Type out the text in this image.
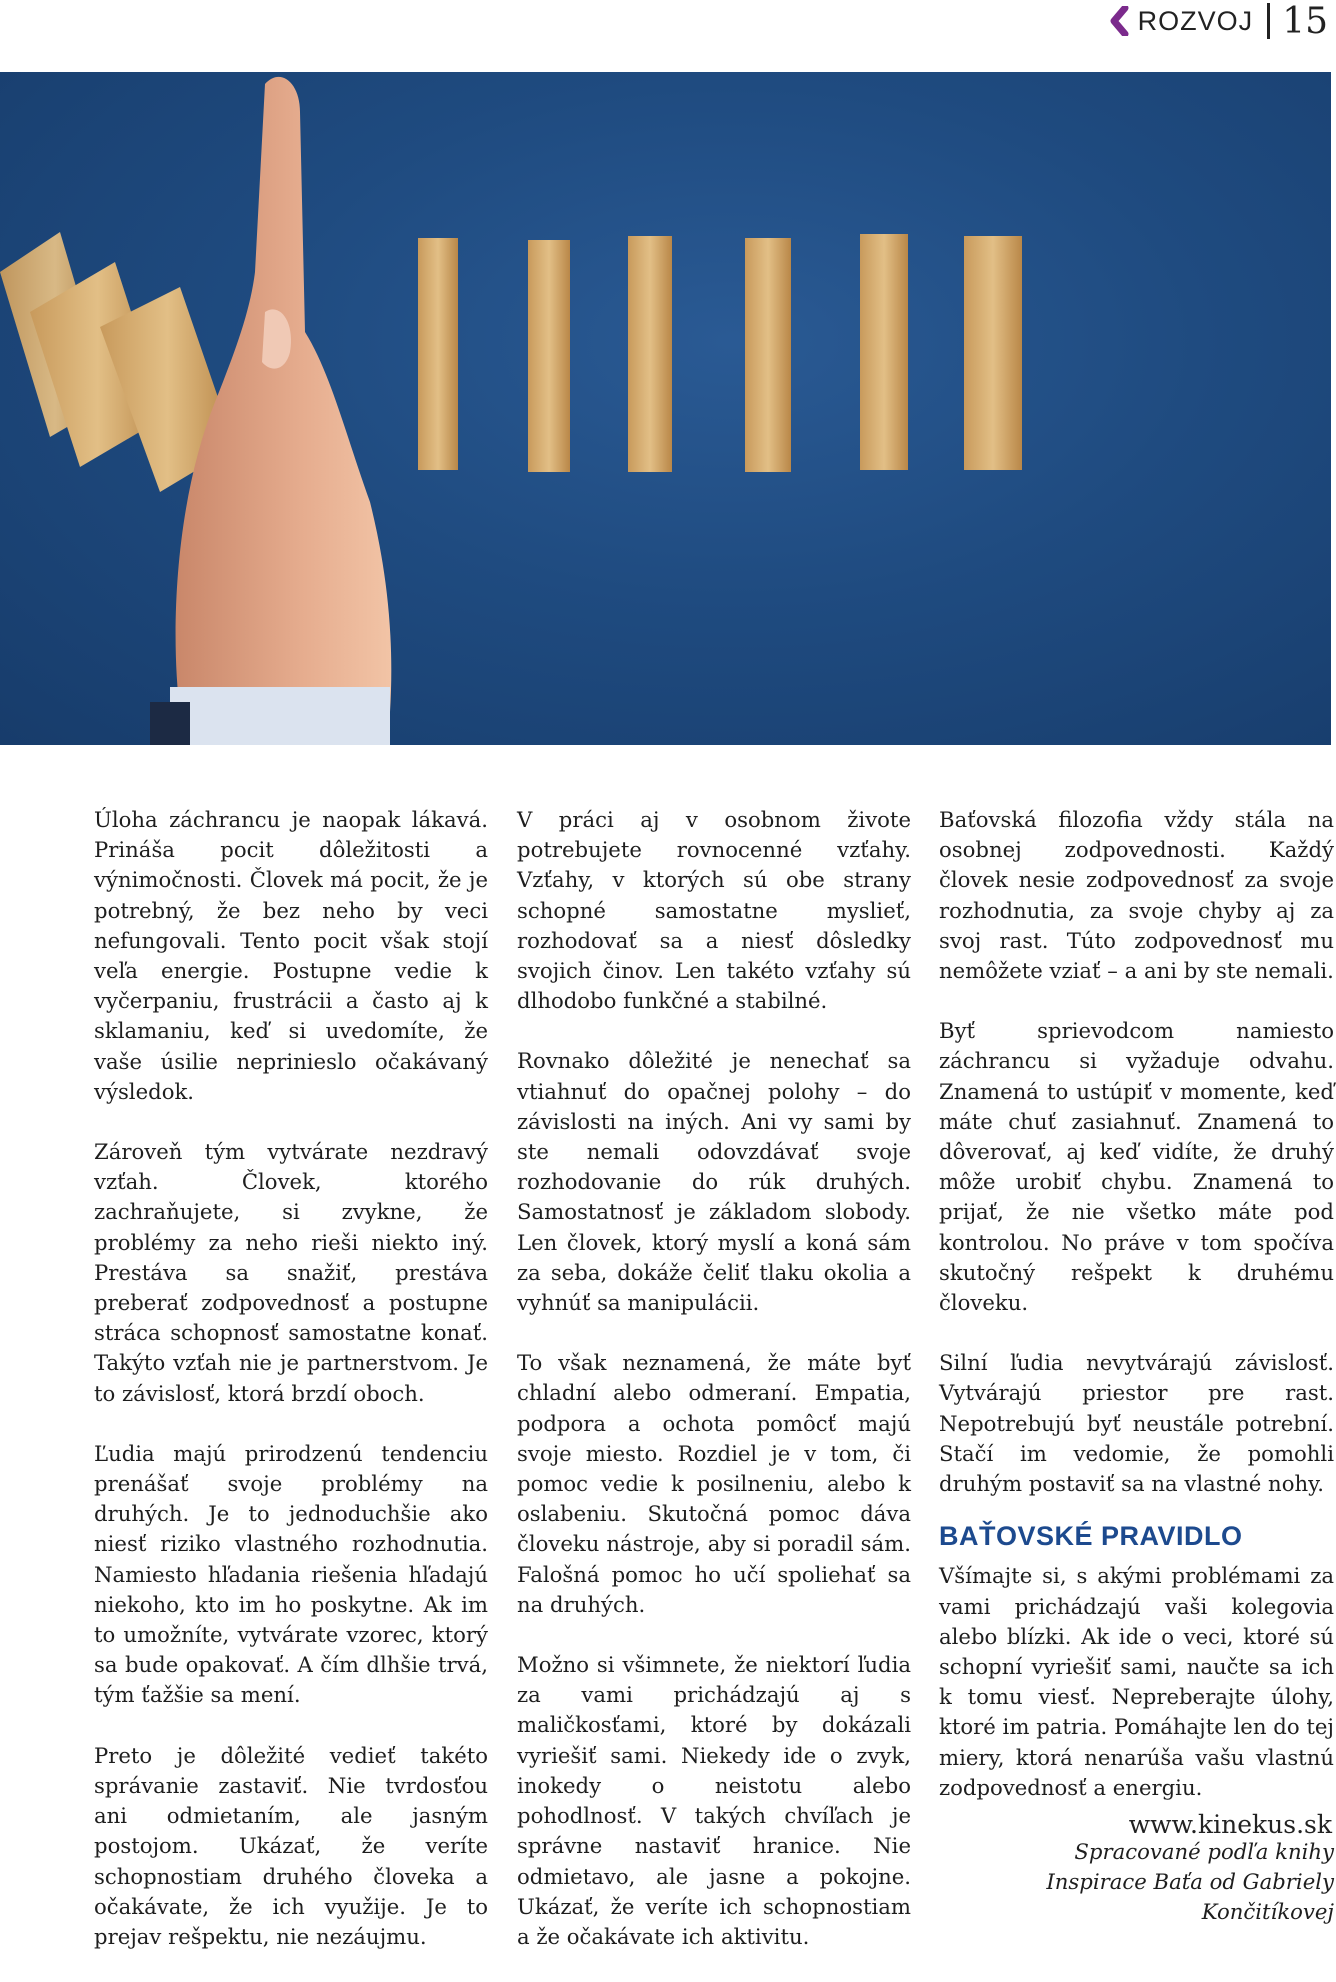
ROZVOJ 15

Úloha záchrancu je naopak lákavá. Prináša pocit dôležitosti a výnimočnosti. Človek má pocit, že je potrebný, že bez neho by veci nefungovali. Tento pocit však stojí veľa energie. Postupne vedie k vyčerpaniu, frustrácii a často aj k sklamaniu, keď si uvedomíte, že vaše úsilie neprinieslo očakávaný výsledok.

Zároveň tým vytvárate nezdravý vzťah. Človek, ktorého zachraňujete, si zvykne, že problémy za neho rieši niekto iný. Prestáva sa snažiť, prestáva preberať zodpovednosť a postupne stráca schopnosť samostatne konať. Takýto vzťah nie je partnerstvom. Je to závislosť, ktorá brzdí oboch.

Ľudia majú prirodzenú tendenciu prenášať svoje problémy na druhých. Je to jednoduchšie ako niesť riziko vlastného rozhodnutia. Namiesto hľadania riešenia hľadajú niekoho, kto im ho poskytne. Ak im to umožníte, vytvárate vzorec, ktorý sa bude opakovať. A čím dlhšie trvá, tým ťažšie sa mení.

Preto je dôležité vedieť takéto správanie zastaviť. Nie tvrdosťou ani odmietaním, ale jasným postojom. Ukázať, že veríte schopnostiam druhého človeka a očakávate, že ich využije. Je to prejav rešpektu, nie nezáujmu.

V práci aj v osobnom živote potrebujete rovnocenné vzťahy. Vzťahy, v ktorých sú obe strany schopné samostatne myslieť, rozhodovať sa a niesť dôsledky svojich činov. Len takéto vzťahy sú dlhodobo funkčné a stabilné.

Rovnako dôležité je nenechať sa vtiahnuť do opačnej polohy – do závislosti na iných. Ani vy sami by ste nemali odovzdávať svoje rozhodovanie do rúk druhých. Samostatnosť je základom slobody. Len človek, ktorý myslí a koná sám za seba, dokáže čeliť tlaku okolia a vyhnúť sa manipulácii.

To však neznamená, že máte byť chladní alebo odmeraní. Empatia, podpora a ochota pomôcť majú svoje miesto. Rozdiel je v tom, či pomoc vedie k posilneniu, alebo k oslabeniu. Skutočná pomoc dáva človeku nástroje, aby si poradil sám. Falošná pomoc ho učí spoliehať sa na druhých.

Možno si všimnete, že niektorí ľudia za vami prichádzajú aj s maličkosťami, ktoré by dokázali vyriešiť sami. Niekedy ide o zvyk, inokedy o neistotu alebo pohodlnosť. V takých chvíľach je správne nastaviť hranice. Nie odmietavo, ale jasne a pokojne. Ukázať, že veríte ich schopnostiam a že očakávate ich aktivitu.

Baťovská filozofia vždy stála na osobnej zodpovednosti. Každý človek nesie zodpovednosť za svoje rozhodnutia, za svoje chyby aj za svoj rast. Túto zodpovednosť mu nemôžete vziať – a ani by ste nemali.

Byť sprievodcom namiesto záchrancu si vyžaduje odvahu. Znamená to ustúpiť v momente, keď máte chuť zasiahnuť. Znamená to dôverovať, aj keď vidíte, že druhý môže urobiť chybu. Znamená to prijať, že nie všetko máte pod kontrolou. No práve v tom spočíva skutočný rešpekt k druhému človeku.

Silní ľudia nevytvárajú závislosť. Vytvárajú priestor pre rast. Nepotrebujú byť neustále potrební. Stačí im vedomie, že pomohli druhým postaviť sa na vlastné nohy.

BAŤOVSKÉ PRAVIDLO

Všímajte si, s akými problémami za vami prichádzajú vaši kolegovia alebo blízki. Ak ide o veci, ktoré sú schopní vyriešiť sami, naučte sa ich k tomu viesť. Nepreberajte úlohy, ktoré im patria. Pomáhajte len do tej miery, ktorá nenarúša vašu vlastnú zodpovednosť a energiu.

Spracované podľa knihy
Inspirace Baťa od Gabriely Končitíkovej
www.kinekus.sk
